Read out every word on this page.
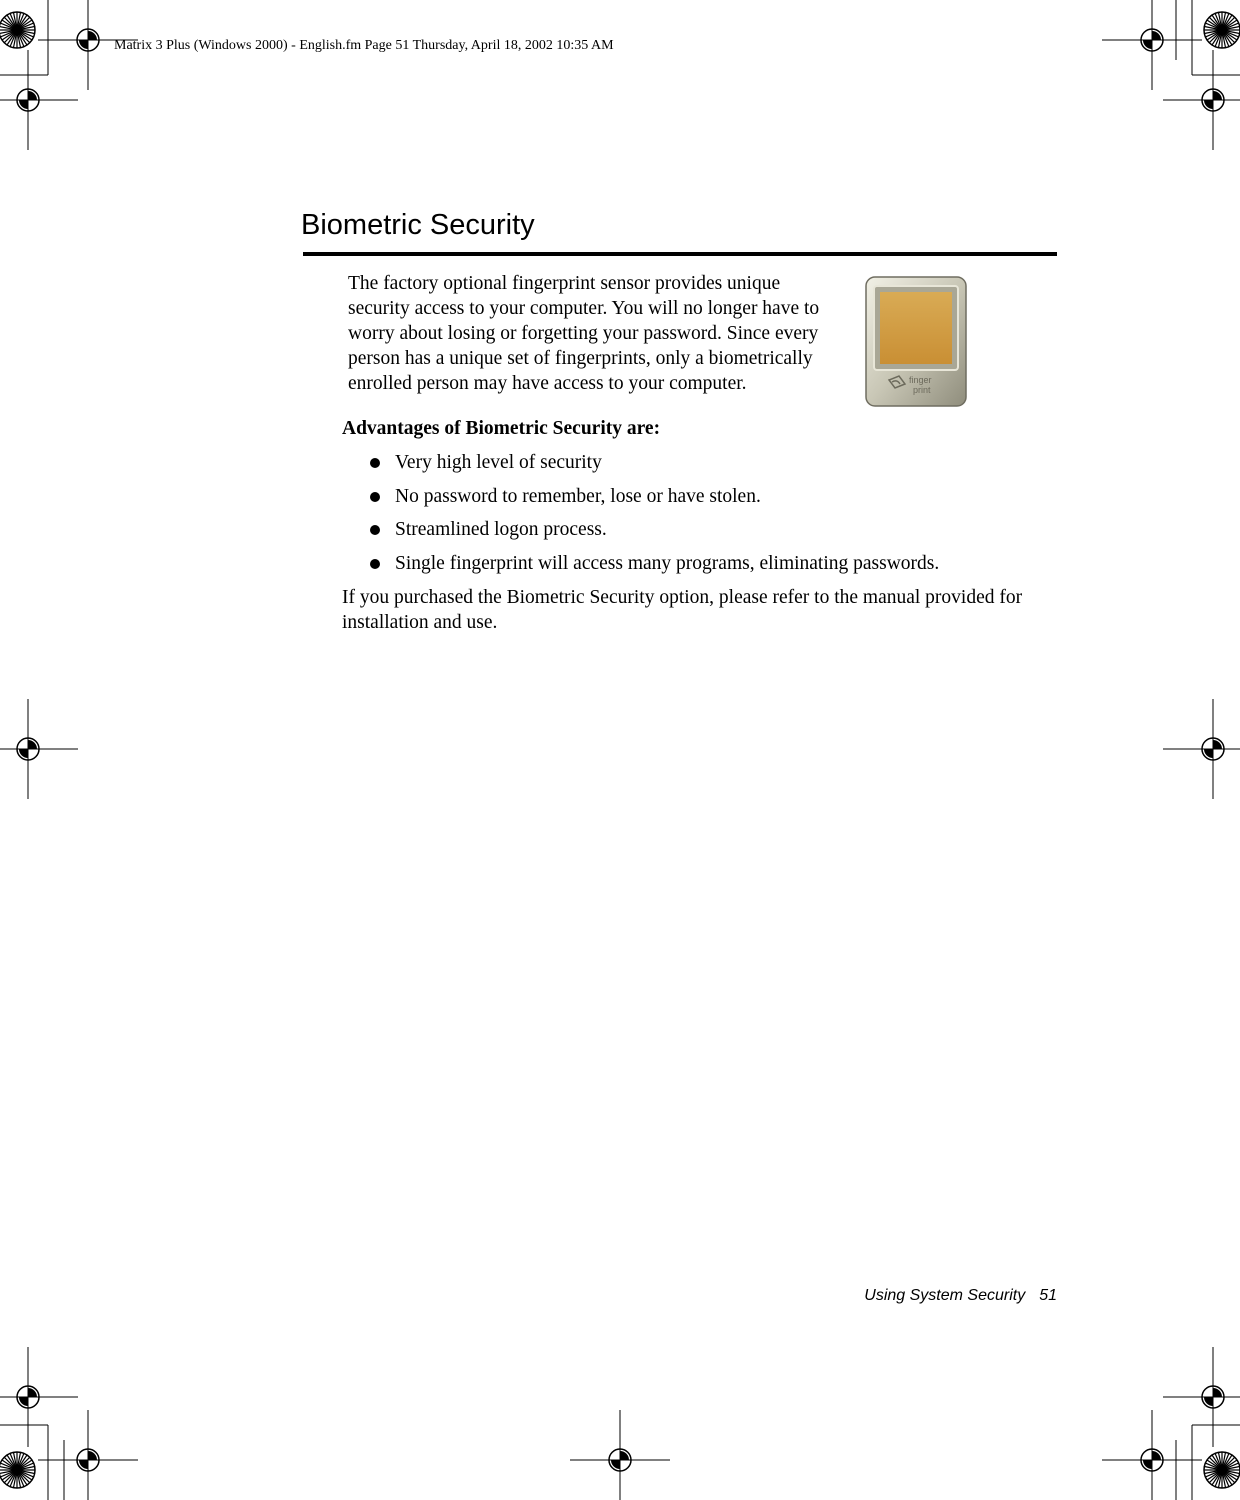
Matrix 3 Plus (Windows 2000) - English.fm Page 51 Thursday, April 18, 2002 10:35 AM
Biometric Security
The factory optional fingerprint sensor provides unique
security access to your computer. You will no longer have to
worry about losing or forgetting your password. Since every
person has a unique set of fingerprints, only a biometrically
enrolled person may have access to your computer.	finger
print
Advantages of Biometric Security are:
Very high level of security
No password to remember, lose or have stolen.
Streamlined logon process.
Single fingerprint will access many programs, eliminating passwords.
If you purchased the Biometric Security option, please refer to the manual provided for
installation and use.
Using System Security 51
